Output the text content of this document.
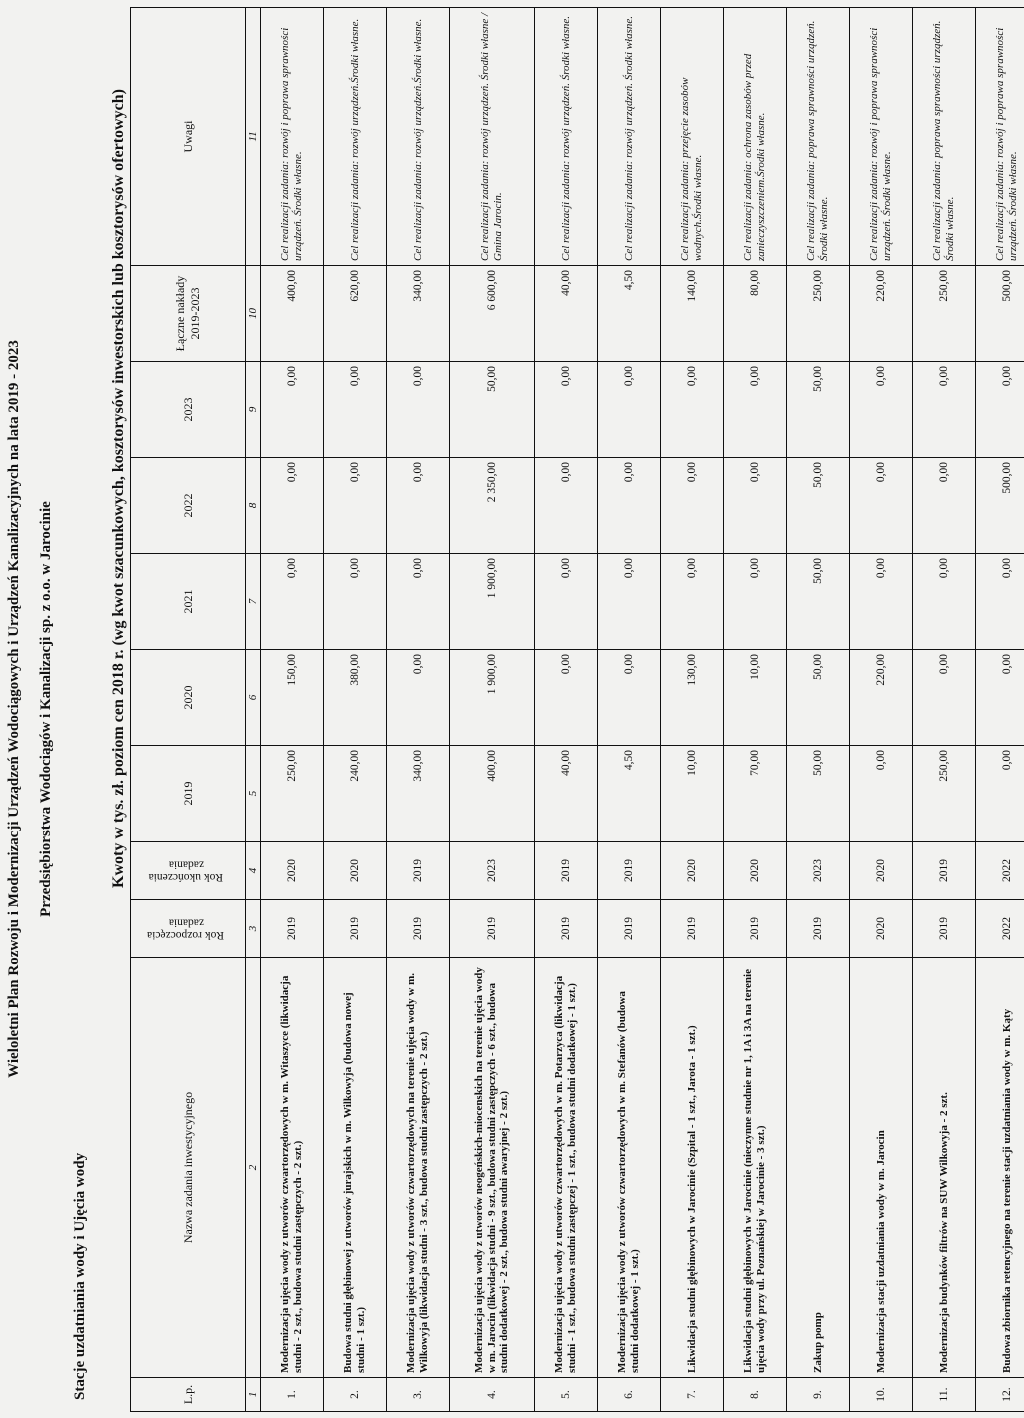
Wieloletni Plan Rozwoju i Modernizacji Urządzeń Wodociągowych i Urządzeń Kanalizacyjnych na lata 2019 - 2023 Przedsiębiorstwa Wodociągów i Kanalizacji sp. z o.o. w Jarocinie
Stacje uzdatniania wody i Ujęcia wody
Kwoty w tys. zł. poziom cen 2018 r. (wg kwot szacunkowych, kosztorysów inwestorskich lub kosztorysów ofertowych)
L.p.	Nazwa zadania inwestycyjnego	Rok rozpoczęcia zadania	Rok ukończenia zadania	2019	2020	2021	2022	2023	Łączne nakłady 2019-2023	Uwagi
1	2	3	4	5	6	7	8	9	10	11
1.	Modernizacja ujęcia wody z utworów czwartorzędowych w m. Witaszyce (likwidacja studni - 2 szt., budowa studni zastępczych - 2 szt.)	2019	2020	250,00	150,00	0,00	0,00	0,00	400,00	Cel realizacji zadania: rozwój i poprawa sprawności urządzeń. Środki własne.
2.	Budowa studni głębinowej z utworów jurajskich w m. Wilkowyja (budowa nowej studni - 1 szt.)	2019	2020	240,00	380,00	0,00	0,00	0,00	620,00	Cel realizacji zadania: rozwój urządzeń.Środki własne.
3.	Modernizacja ujęcia wody z utworów czwartorzędowych na terenie ujęcia wody w m. Wilkowyja (likwidacja studni - 3 szt., budowa studni zastępczych - 2 szt.)	2019	2019	340,00	0,00	0,00	0,00	0,00	340,00	Cel realizacji zadania: rozwój urządzeń.Środki własne.
4.	Modernizacja ujęcia wody z utworów neogeńskich-miocenskich na terenie ujęcia wody w m. Jarocin (likwidacja studni - 9 szt., budowa studni zastępczych - 6 szt., budowa studni dodatkowej - 2 szt., budowa studni awaryjnej - 2 szt.)	2019	2023	400,00	1 900,00	1 900,00	2 350,00	50,00	6 600,00	Cel realizacji zadania: rozwój urządzeń. Środki własne / Gmina Jarocin.
5.	Modernizacja ujęcia wody z utworów czwartorzędowych w m. Potarzyca (likwidacja studni - 1 szt., budowa studni zastępczej - 1 szt., budowa studni dodatkowej - 1 szt.)	2019	2019	40,00	0,00	0,00	0,00	0,00	40,00	Cel realizacji zadania: rozwój urządzeń. Środki własne.
6.	Modernizacja ujęcia wody z utworów czwartorzędowych w m. Stefanów (budowa studni dodatkowej - 1 szt.)	2019	2019	4,50	0,00	0,00	0,00	0,00	4,50	Cel realizacji zadania: rozwój urządzeń. Środki własne.
7.	Likwidacja studni głębinowych w Jarocinie (Szpital - 1 szt., Jarota - 1 szt.)	2019	2020	10,00	130,00	0,00	0,00	0,00	140,00	Cel realizacji zadania: przejęcie zasobów wodnych.Środki własne.
8.	Likwidacja studni głębinowych w Jarocinie (nieczynne studnie nr 1, 1A i 3A na terenie ujęcia wody przy ul. Poznańskiej w Jarocinie - 3 szt.)	2019	2020	70,00	10,00	0,00	0,00	0,00	80,00	Cel realizacji zadania: ochrona zasobów przed zanieczyszczeniem.Środki własne.
9.	Zakup pomp	2019	2023	50,00	50,00	50,00	50,00	50,00	250,00	Cel realizacji zadania: poprawa sprawności urządzeń. Środki własne.
10.	Modernizacja stacji uzdatniania wody w m. Jarocin	2020	2020	0,00	220,00	0,00	0,00	0,00	220,00	Cel realizacji zadania: rozwój i poprawa sprawności urządzeń. Środki własne.
11.	Modernizacja budynków filtrów na SUW Wilkowyja - 2 szt.	2019	2019	250,00	0,00	0,00	0,00	0,00	250,00	Cel realizacji zadania: poprawa sprawności urządzeń. Środki własne.
12.	Budowa zbiornika retencyjnego na terenie stacji uzdatniania wody w m. Kąty	2022	2022	0,00	0,00	0,00	500,00	0,00	500,00	Cel realizacji zadania: rozwój i poprawa sprawności urządzeń. Środki własne.
